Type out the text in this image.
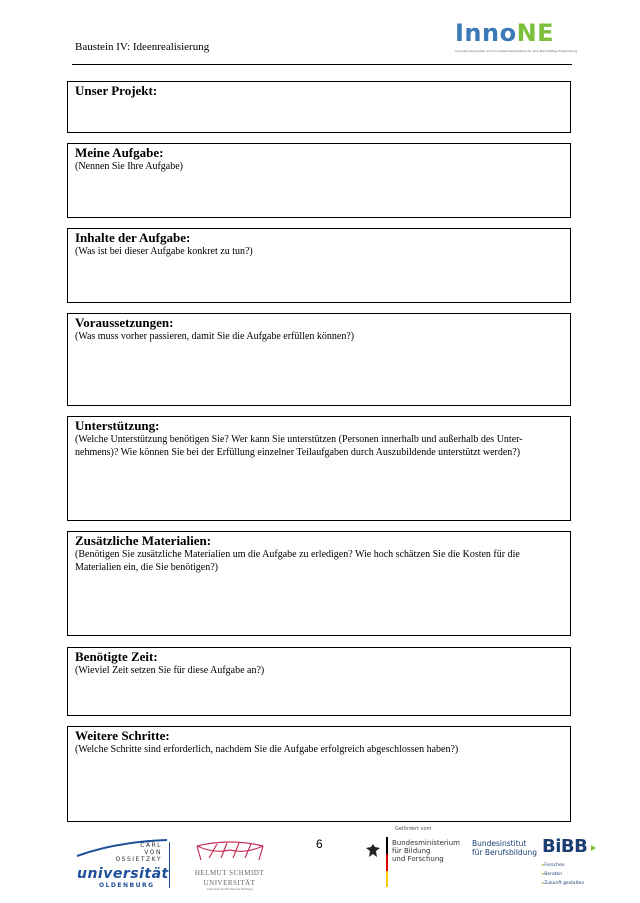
Baustein IV: Ideenrealisierung	InnoNE
Innovationsprojekte und Innovationskompetenz für eine Nachhaltige Entwicklung
Unser Projekt:
Meine Aufgabe:
(Nennen Sie Ihre Aufgabe)
Inhalte der Aufgabe:
(Was ist bei dieser Aufgabe konkret zu tun?)
Voraussetzungen:
(Was muss vorher passieren, damit Sie die Aufgabe erfüllen können?)
Unterstützung:
(Welche Unterstützung benötigen Sie? Wer kann Sie unterstützen (Personen innerhalb und außerhalb des Unter-nehmens)? Wie können Sie bei der Erfüllung einzelner Teilaufgaben durch Auszubildende unterstützt werden?)
Zusätzliche Materialien:
(Benötigen Sie zusätzliche Materialien um die Aufgabe zu erledigen? Wie hoch schätzen Sie die Kosten für die Materialien ein, die Sie benötigen?)
Benötigte Zeit:
(Wieviel Zeit setzen Sie für diese Aufgabe an?)
Weitere Schritte:
(Welche Schritte sind erforderlich, nachdem Sie die Aufgabe erfolgreich abgeschlossen haben?)
6
CARL
VON
OSSIETZKY
universität
OLDENBURG
HELMUT SCHMIDT
UNIVERSITÄT
Universität der Bundeswehr Hamburg
Gefördert vom
Bundesministerium
für Bildung
und Forschung
Bundesinstitut
für Berufsbildung BiBB
▸ Forschen
▸ Beraten
▸ Zukunft gestalten
